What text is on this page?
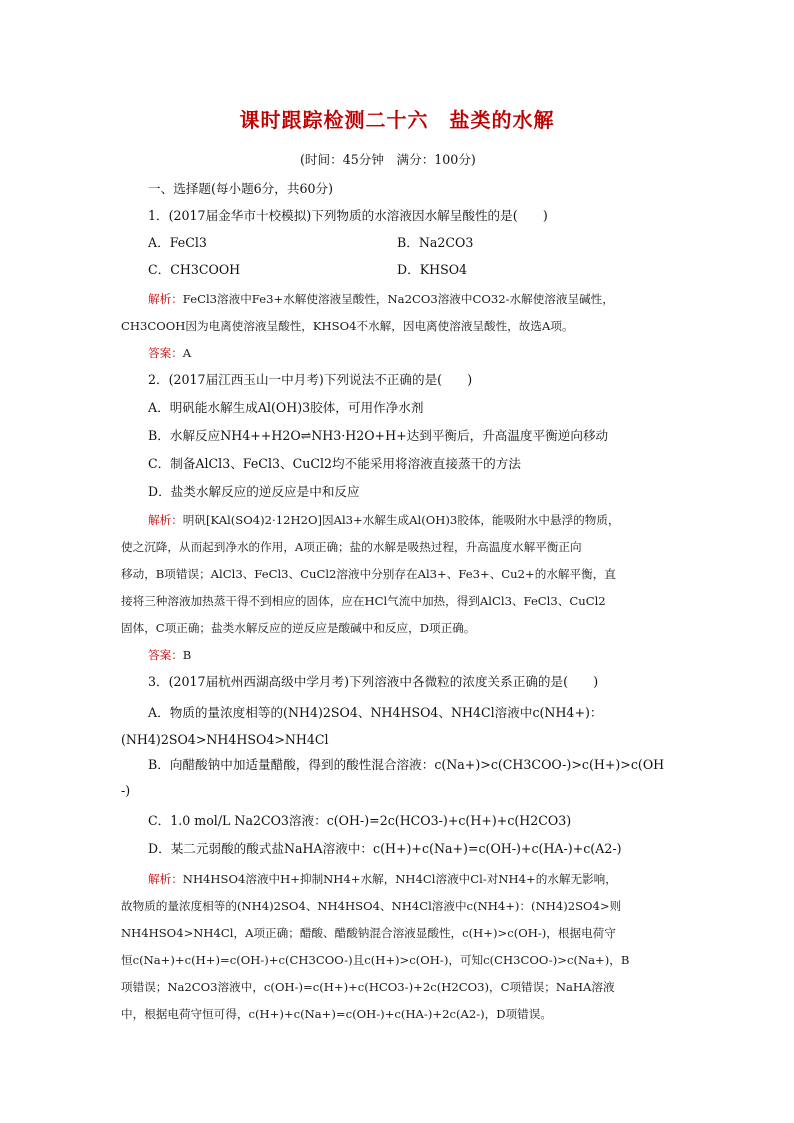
课时跟踪检测二十六　盐类的水解
(时间：45分钟　满分：100分)
一、选择题(每小题6分，共60分)
1．(2017届金华市十校模拟)下列物质的水溶液因水解呈酸性的是(　　)
A．FeCl3	B．Na2CO3
C．CH3COOH	D．KHSO4
解析：FeCl3溶液中Fe3+水解使溶液呈酸性，Na2CO3溶液中CO32-水解使溶液呈碱性，
CH3COOH因为电离使溶液呈酸性，KHSO4不水解，因电离使溶液呈酸性，故选A项。
答案：A
2．(2017届江西玉山一中月考)下列说法不正确的是(　　)
A．明矾能水解生成Al(OH)3胶体，可用作净水剂
B．水解反应NH4++H2O⇌NH3·H2O+H+达到平衡后，升高温度平衡逆向移动
C．制备AlCl3、FeCl3、CuCl2均不能采用将溶液直接蒸干的方法
D．盐类水解反应的逆反应是中和反应
解析：明矾[KAl(SO4)2·12H2O]因Al3+水解生成Al(OH)3胶体，能吸附水中悬浮的物质，
使之沉降，从而起到净水的作用，A项正确；盐的水解是吸热过程，升高温度水解平衡正向
移动，B项错误；AlCl3、FeCl3、CuCl2溶液中分别存在Al3+、Fe3+、Cu2+的水解平衡，直
接将三种溶液加热蒸干得不到相应的固体，应在HCl气流中加热，得到AlCl3、FeCl3、CuCl2
固体，C项正确；盐类水解反应的逆反应是酸碱中和反应，D项正确。
答案：B
3．(2017届杭州西湖高级中学月考)下列溶液中各微粒的浓度关系正确的是(　　)
A．物质的量浓度相等的(NH4)2SO4、NH4HSO4、NH4Cl溶液中c(NH4+)：
(NH4)2SO4>NH4HSO4>NH4Cl
B．向醋酸钠中加适量醋酸，得到的酸性混合溶液：c(Na+)>c(CH3COO-)>c(H+)>c(OH
-)
C．1.0 mol/L Na2CO3溶液：c(OH-)=2c(HCO3-)+c(H+)+c(H2CO3)
D．某二元弱酸的酸式盐NaHA溶液中：c(H+)+c(Na+)=c(OH-)+c(HA-)+c(A2-)
解析：NH4HSO4溶液中H+抑制NH4+水解，NH4Cl溶液中Cl-对NH4+的水解无影响，
故物质的量浓度相等的(NH4)2SO4、NH4HSO4、NH4Cl溶液中c(NH4+)：(NH4)2SO4>则
NH4HSO4>NH4Cl，A项正确；醋酸、醋酸钠混合溶液显酸性，c(H+)>c(OH-)，根据电荷守
恒c(Na+)+c(H+)=c(OH-)+c(CH3COO-)且c(H+)>c(OH-)，可知c(CH3COO-)>c(Na+)，B
项错误；Na2CO3溶液中，c(OH-)=c(H+)+c(HCO3-)+2c(H2CO3)，C项错误；NaHA溶液
中，根据电荷守恒可得，c(H+)+c(Na+)=c(OH-)+c(HA-)+2c(A2-)，D项错误。
